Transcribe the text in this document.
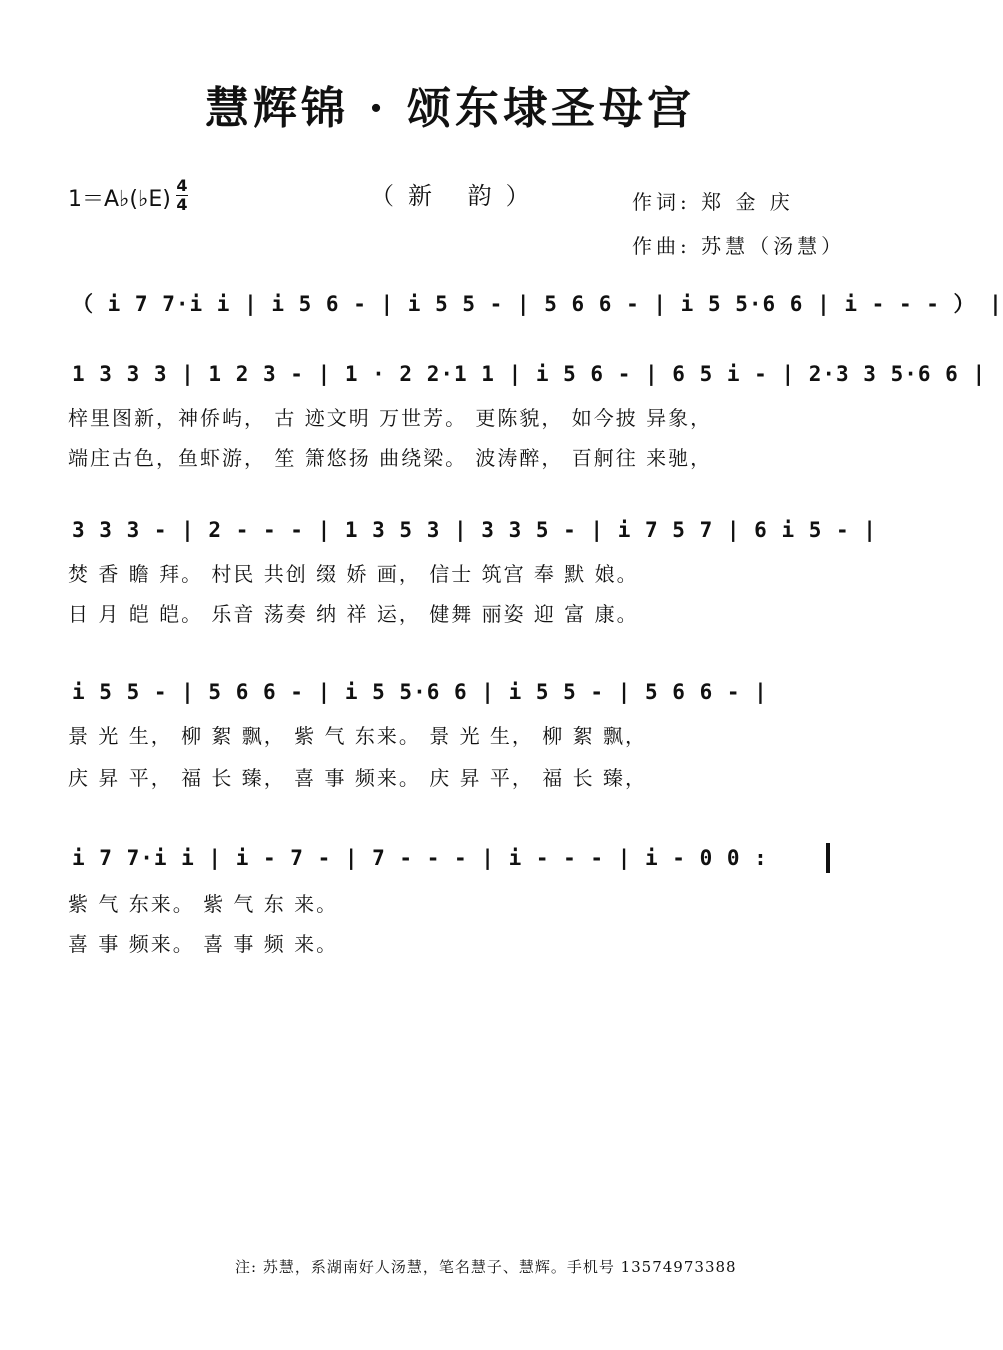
慧辉锦 · 颂东埭圣母宫
1＝A♭(♭E)
4
4	（新 韵）	作词: 郑 金 庆
作曲: 苏慧（汤慧）
（ i 7 7·i i | i 5 6 - | i 5 5 - | 5 6 6 - | i 5 5·6 6 | i - - - ） |
1 3 3 3 | 1 2 3 - | 1 · 2 2·1 1 | i 5 6 - | 6 5 i - | 2·3 3 5·6 6 |
梓里图新，神侨屿， 古 迹文明 万世芳。 更陈貌， 如今披 异象，
端庄古色，鱼虾游， 笙 箫悠扬 曲绕梁。 波涛醉， 百舸往 来驰，
3 3 3 - | 2 - - - | 1 3 5 3 | 3 3 5 - | i 7 5 7 | 6 i 5 - |
焚 香 瞻 拜。 村民 共创 缀 娇 画， 信士 筑宫 奉 默 娘。
日 月 皑 皑。 乐音 荡奏 纳 祥 运， 健舞 丽姿 迎 富 康。
i 5 5 - | 5 6 6 - | i 5 5·6 6 | i 5 5 - | 5 6 6 - |
景 光 生， 柳 絮 飘， 紫 气 东来。 景 光 生， 柳 絮 飘，
庆 昇 平， 福 长 臻， 喜 事 频来。 庆 昇 平， 福 长 臻，
i 7 7·i i | i - 7 - | 7 - - - | i - - - | i - 0 0 :
紫 气 东来。 紫 气 东 来。
喜 事 频来。 喜 事 频 来。
注: 苏慧，系湖南好人汤慧，笔名慧子、慧辉。手机号 13574973388
